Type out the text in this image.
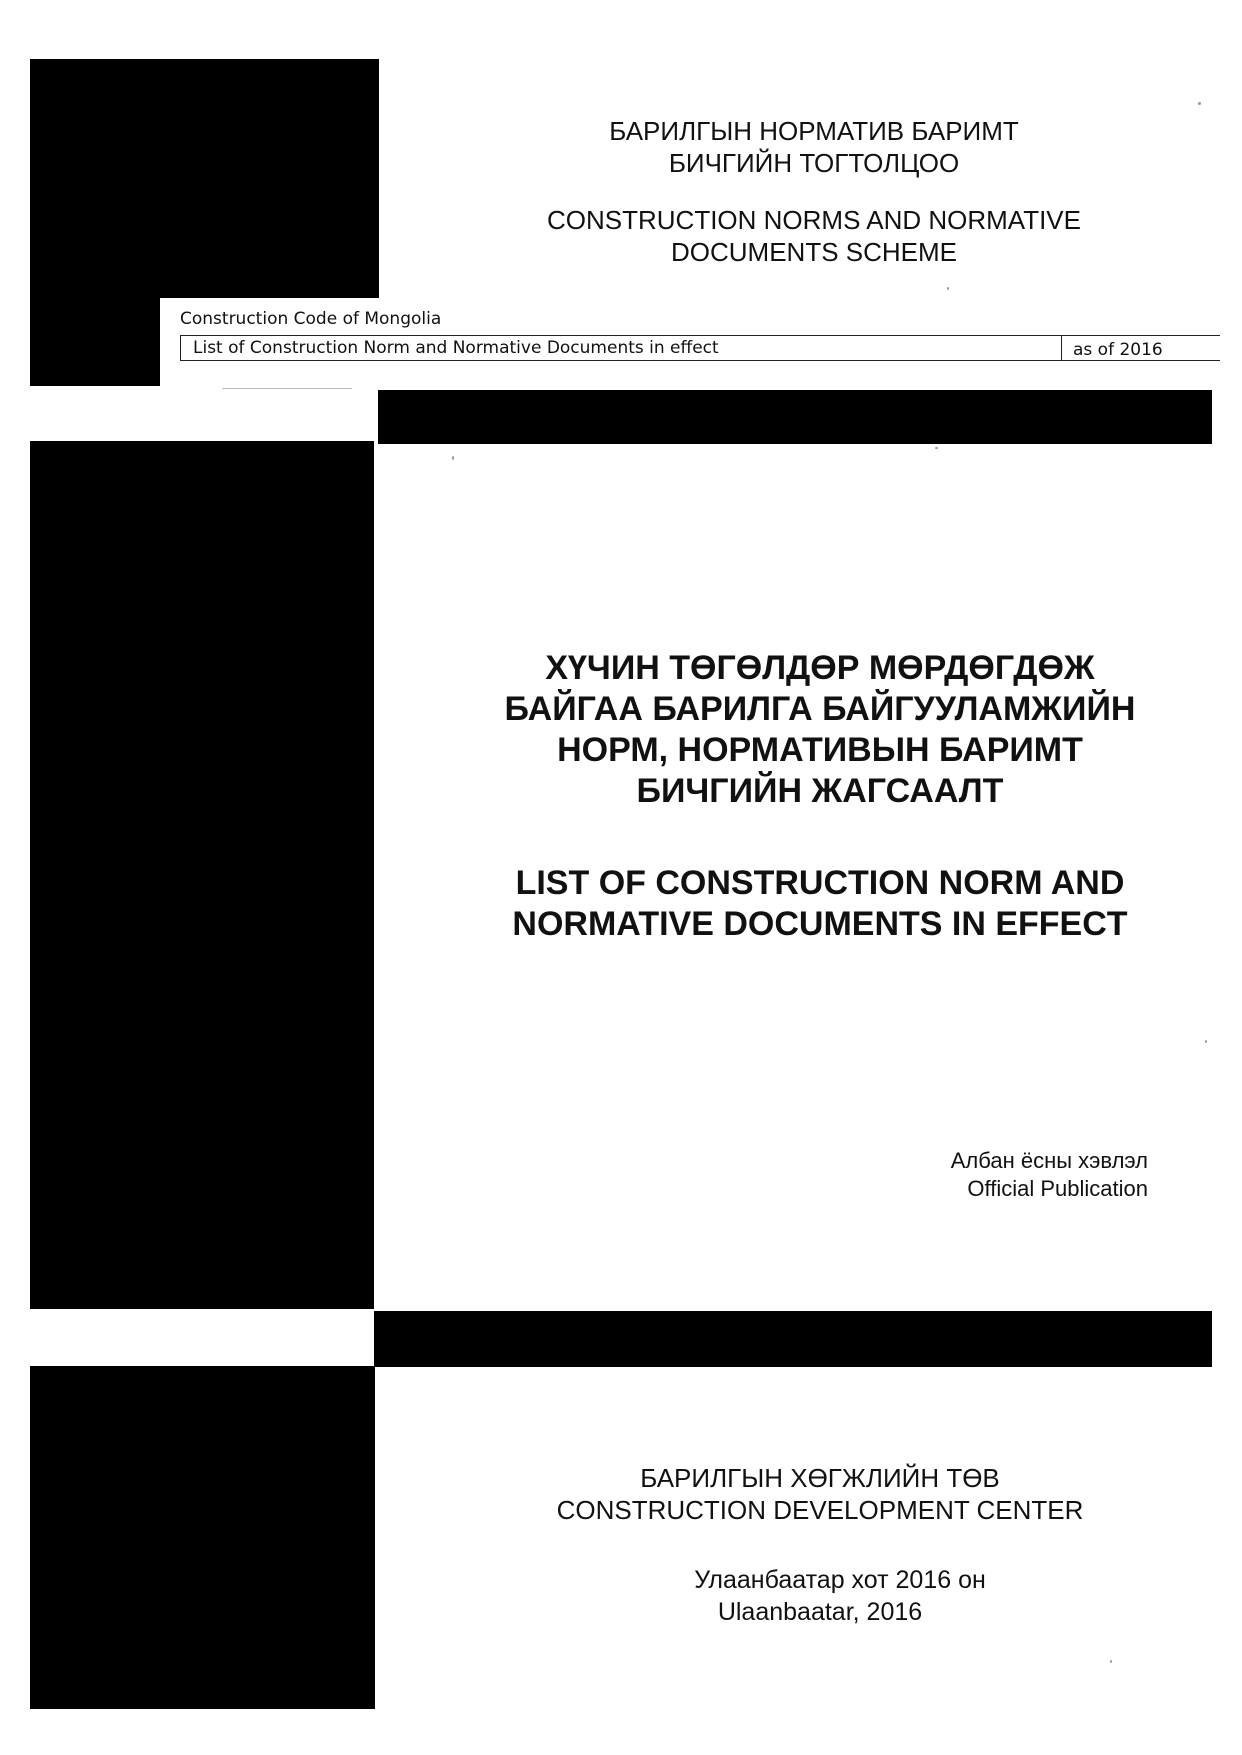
БАРИЛГЫН НОРМАТИВ БАРИМТ
БИЧГИЙН ТОГТОЛЦОО
CONSTRUCTION NORMS AND NORMATIVE
DOCUMENTS SCHEME
Construction Code of Mongolia
List of Construction Norm and Normative Documents in effect	as of 2016
ХҮЧИН ТӨГӨЛДӨР МӨРДӨГДӨЖ
БАЙГАА БАРИЛГА БАЙГУУЛАМЖИЙН
НОРМ, НОРМАТИВЫН БАРИМТ
БИЧГИЙН ЖАГСААЛТ
LIST OF CONSTRUCTION NORM AND
NORMATIVE DOCUMENTS IN EFFECT
Албан ёсны хэвлэл
Official Publication
БАРИЛГЫН ХӨГЖЛИЙН ТӨВ
CONSTRUCTION DEVELOPMENT CENTER
Улаанбаатар хот 2016 он
Ulaanbaatar, 2016
